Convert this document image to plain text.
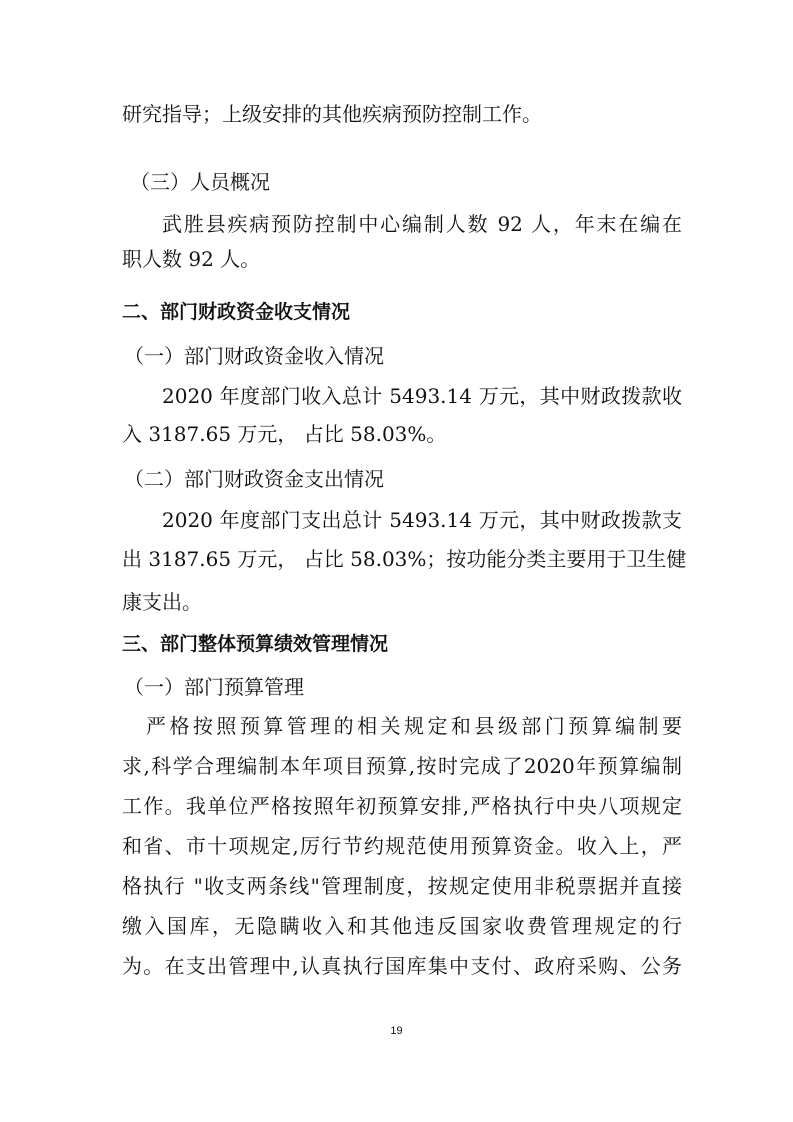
研究指导；上级安排的其他疾病预防控制工作。
（三）人员概况
武胜县疾病预防控制中心编制人数 92 人，年末在编在
职人数 92 人。
二、部门财政资金收支情况
（一）部门财政资金收入情况
2020 年度部门收入总计 5493.14 万元，其中财政拨款收
入 3187.65 万元， 占比 58.03%。
（二）部门财政资金支出情况
2020 年度部门支出总计 5493.14 万元，其中财政拨款支
出 3187.65 万元， 占比 58.03%；按功能分类主要用于卫生健
康支出。
三、部门整体预算绩效管理情况
（一）部门预算管理
严格按照预算管理的相关规定和县级部门预算编制要
求,科学合理编制本年项目预算,按时完成了2020年预算编制
工作。我单位严格按照年初预算安排,严格执行中央八项规定
和省、市十项规定,厉行节约规范使用预算资金。收入上，严
格执行 "收支两条线"管理制度，按规定使用非税票据并直接
缴入国库，无隐瞒收入和其他违反国家收费管理规定的行
为。在支出管理中,认真执行国库集中支付、政府采购、公务
19
